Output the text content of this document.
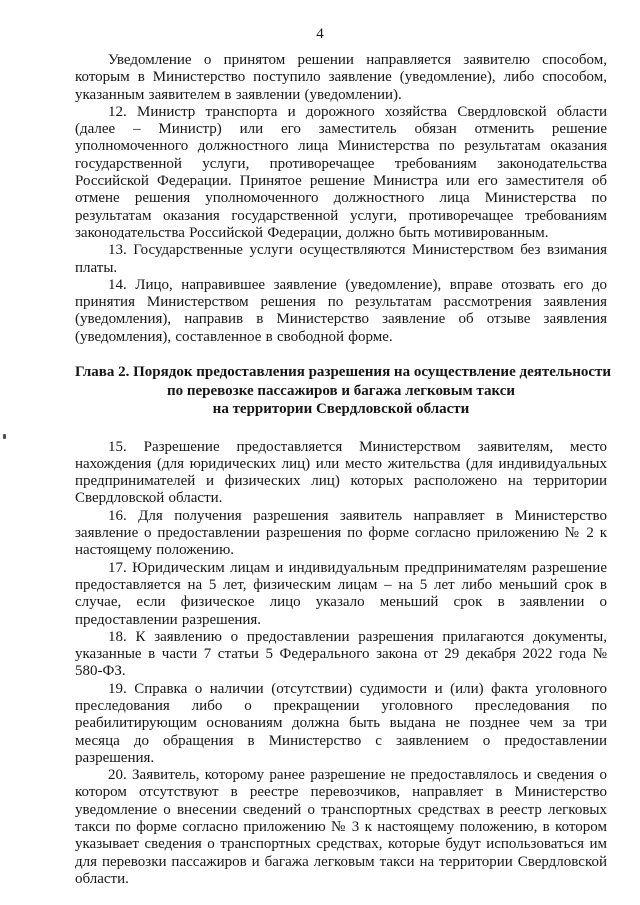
4

Уведомление о принятом решении направляется заявителю способом, которым в Министерство поступило заявление (уведомление), либо способом, указанным заявителем в заявлении (уведомлении).

12. Министр транспорта и дорожного хозяйства Свердловской области (далее – Министр) или его заместитель обязан отменить решение уполномоченного должностного лица Министерства по результатам оказания государственной услуги, противоречащее требованиям законодательства Российской Федерации. Принятое решение Министра или его заместителя об отмене решения уполномоченного должностного лица Министерства по результатам оказания государственной услуги, противоречащее требованиям законодательства Российской Федерации, должно быть мотивированным.

13. Государственные услуги осуществляются Министерством без взимания платы.

14. Лицо, направившее заявление (уведомление), вправе отозвать его до принятия Министерством решения по результатам рассмотрения заявления (уведомления), направив в Министерство заявление об отзыве заявления (уведомления), составленное в свободной форме.

Глава 2. Порядок предоставления разрешения на осуществление деятельности
по перевозке пассажиров и багажа легковым такси
на территории Свердловской области

15. Разрешение предоставляется Министерством заявителям, место нахождения (для юридических лиц) или место жительства (для индивидуальных предпринимателей и физических лиц) которых расположено на территории Свердловской области.

16. Для получения разрешения заявитель направляет в Министерство заявление о предоставлении разрешения по форме согласно приложению № 2 к настоящему положению.

17. Юридическим лицам и индивидуальным предпринимателям разрешение предоставляется на 5 лет, физическим лицам – на 5 лет либо меньший срок в случае, если физическое лицо указало меньший срок в заявлении о предоставлении разрешения.

18. К заявлению о предоставлении разрешения прилагаются документы, указанные в части 7 статьи 5 Федерального закона от 29 декабря 2022 года № 580-ФЗ.

19. Справка о наличии (отсутствии) судимости и (или) факта уголовного преследования либо о прекращении уголовного преследования по реабилитирующим основаниям должна быть выдана не позднее чем за три месяца до обращения в Министерство с заявлением о предоставлении разрешения.

20. Заявитель, которому ранее разрешение не предоставлялось и сведения о котором отсутствуют в реестре перевозчиков, направляет в Министерство уведомление о внесении сведений о транспортных средствах в реестр легковых такси по форме согласно приложению № 3 к настоящему положению, в котором указывает сведения о транспортных средствах, которые будут использоваться им для перевозки пассажиров и багажа легковым такси на территории Свердловской области.
